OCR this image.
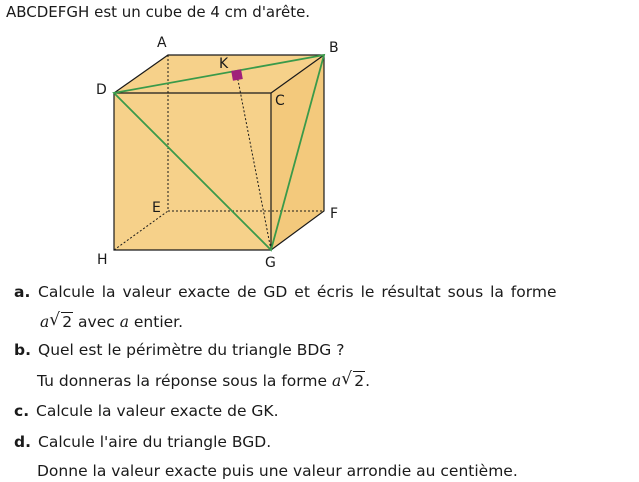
ABCDEFGH est un cube de 4 cm d'arête.
A	B
C
D
E	F
G
H
K
a. Calcule la valeur exacte de GD et écris le résultat sous la forme
a √ 2 avec a entier.
b. Quel est le périmètre du triangle BDG ?
Tu donneras la réponse sous la forme a √ 2.
c. Calcule la valeur exacte de GK.
d. Calcule l'aire du triangle BGD.
Donne la valeur exacte puis une valeur arrondie au centième.
